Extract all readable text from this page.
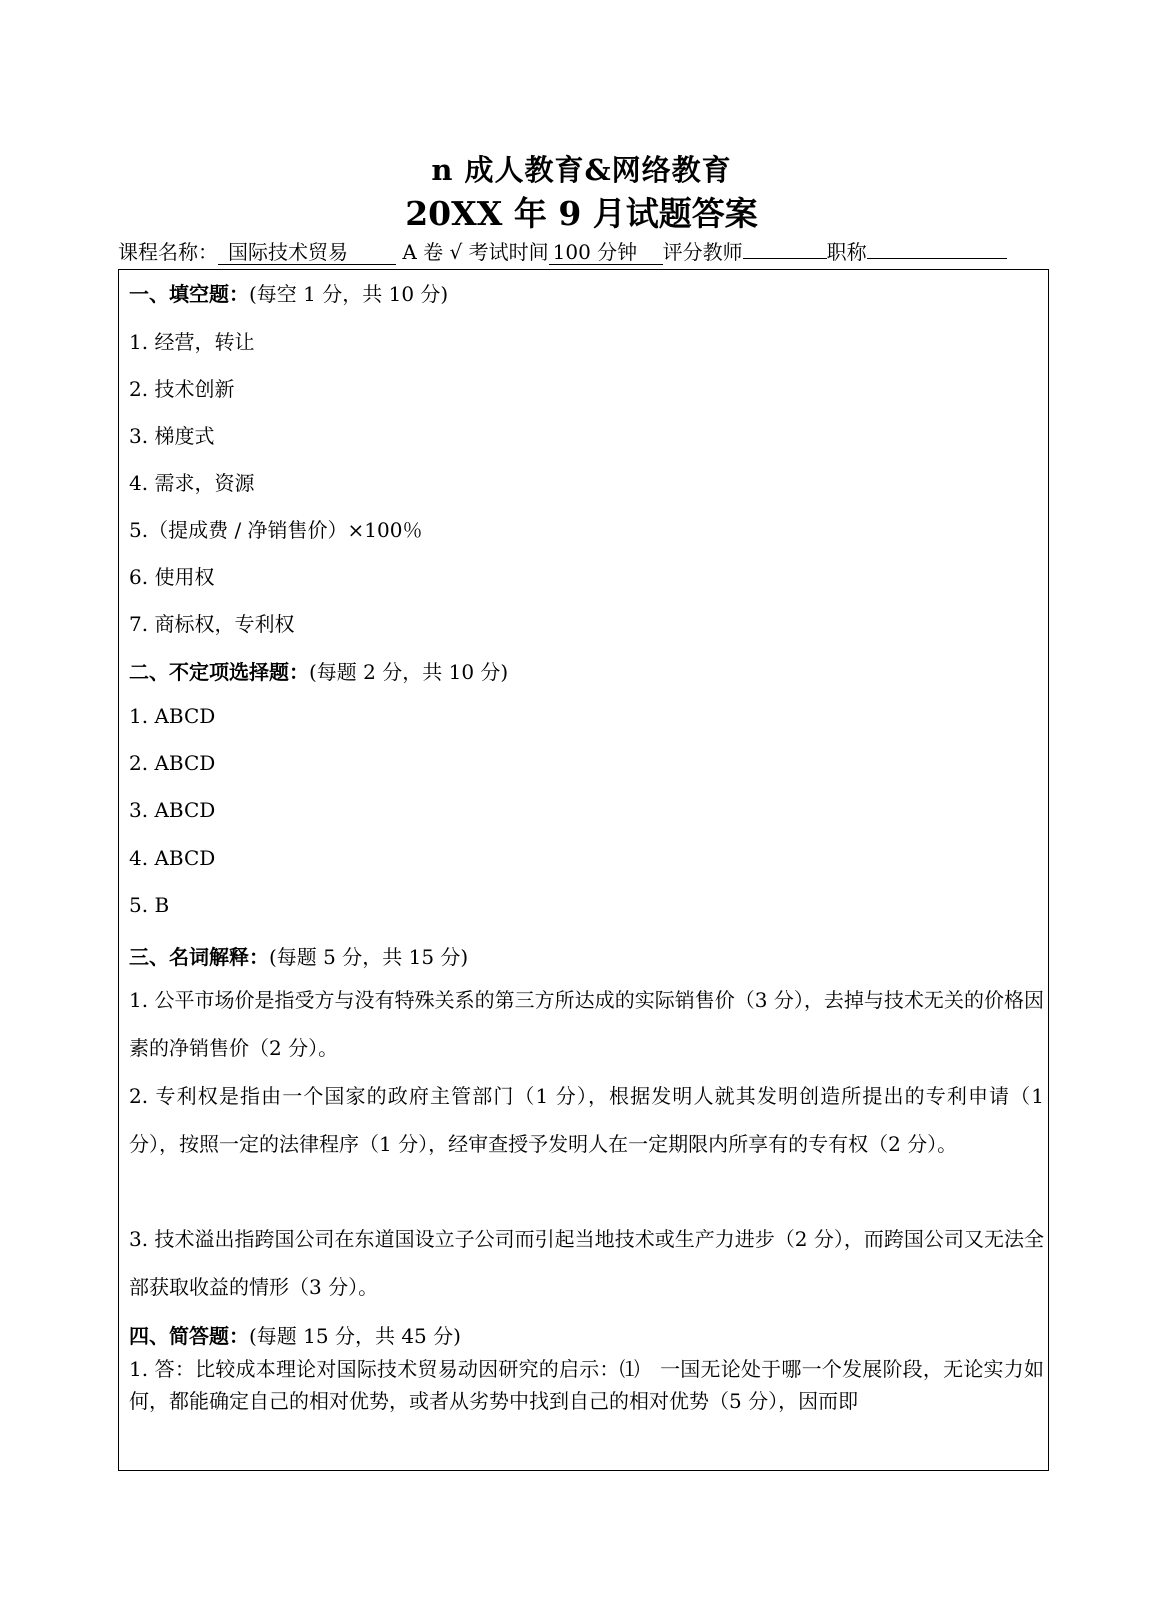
n 成人教育&网络教育
20XX 年 9 月试题答案
课程名称： 国际技术贸易	A 卷 √ 考试时间 100 分钟 评分教师	职称
一、填空题：(每空 1 分，共 10 分)
1. 经营，转让
2. 技术创新
3. 梯度式
4. 需求，资源
5.（提成费 / 净销售价）×100％
6. 使用权
7. 商标权，专利权
二、不定项选择题：(每题 2 分，共 10 分)
1. ABCD
2. ABCD
3. ABCD
4. ABCD
5. B
三、名词解释：(每题 5 分，共 15 分)
1. 公平市场价是指受方与没有特殊关系的第三方所达成的实际销售价（3 分），去掉与技术无关的价格因素的净销售价（2 分）。
2. 专利权是指由一个国家的政府主管部门（1 分），根据发明人就其发明创造所提出的专利申请（1 分），按照一定的法律程序（1 分），经审查授予发明人在一定期限内所享有的专有权（2 分）。
3. 技术溢出指跨国公司在东道国设立子公司而引起当地技术或生产力进步（2 分），而跨国公司又无法全部获取收益的情形（3 分）。
四、简答题：(每题 15 分，共 45 分)
1. 答：比较成本理论对国际技术贸易动因研究的启示：⑴　一国无论处于哪一个发展阶段，无论实力如何，都能确定自己的相对优势，或者从劣势中找到自己的相对优势（5 分），因而即
